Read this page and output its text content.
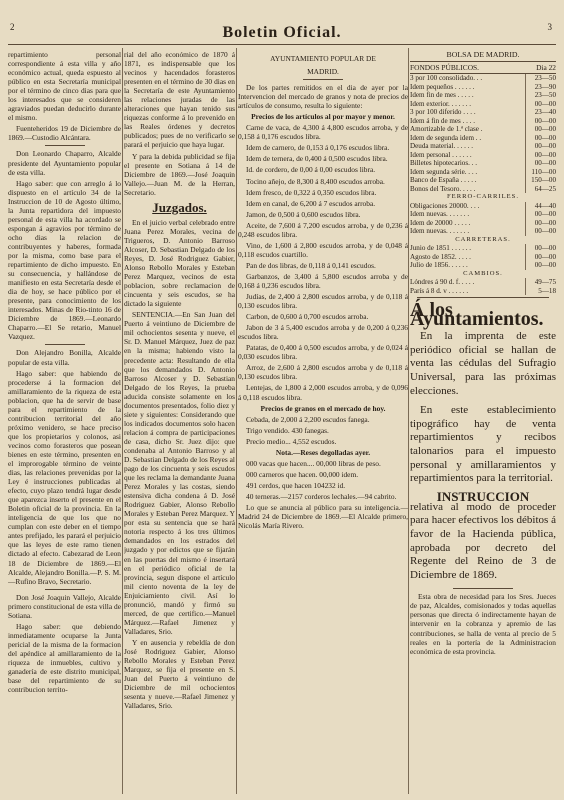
2	Boletin Oficial.	3

repartimiento personal correspondiente á esta villa y año económico actual, queda espuesto al público en esta Secretaría municipal por el término de cinco dias para que los interesados que se consideren agraviados puedan deducirlo durante el mismo.

Fuenteheridos 19 de Diciembre de 1869.—Custodio Alcántara.

Don Leonardo Chaparro, Alcalde presidente del Ayuntamiento popular de esta villa.

Hago saber: que con arreglo á lo dispuesto en el artículo 34 de la Instruccion de 10 de Agosto último, la Junta repartidora del impuesto personal de esta villa ha acordado se espongan á agravios por término de ocho dias la relacion de contribuyentes y haberes, formada por la misma, como base para el repartimiento de dicho impuesto. En su consecuencia, y hallándose de manifiesto en esta Secretaría desde el dia de hoy, se hace público por el presente, para conocimiento de los interesados. Minas de Rio-tinto 16 de Diciembre de 1869.—Leonardo Chaparro.—El Se retario, Manuel Vazquez.

Don Alejandro Bonilla, Alcalde popular de esta villa.

Hago saber: que habiendo de procederse á la formacion del amillaramiento de la riqueza de esta poblacion, que ha de servir de base para el repartimiento de la contribucion territorial del año próximo venidero, se hace preciso que los propietarios y colonos, asi vecinos como forasteros que posean bienes en este término, presenten en el improrogable término de veinte dias, las relaciones prevenidas por la Ley é instrucciones publicadas al efecto, cuyo plazo tendrá lugar desde que aparezca inserto el presente en el Boletin oficial de la provincia. En la inteligencia de que los que no cumplan con este deber en el tiempo antes prefijado, les parará el perjuicio que las leyes de este ramo tienen dictado al efecto. Cabezarad de Leon 18 de Diciembre de 1869.—El Alcalde, Alejandro Bonilla.—P. S. M.—Rufino Bravo, Secretario.

Don José Joaquin Vallejo, Alcalde primero constitucional de esta villa de Sotiana.

Hago saber: que debiendo inmediatamente ocuparse la Junta pericial de la misma de la formacion del apéndice al amillaramiento de la riqueza de inmuebles, cultivo y ganadería de este distrito municipal, base del repartimiento de su contribucion territo-

rial del año económico de 1870 á 1871, es indispensable que los vecinos y hacendados forasteros presenten en el término de 30 dias en la Secretaría de este Ayuntamiento las relaciones juradas de las alteraciones que hayan tenido sus riquezas conforme á lo prevenido en las Reales órdenes y decretos publicados; pues de no verificarlo se parará el perjuicio que haya lugar.

Y para la debida publicidad se fija el presente en Sotiana á 14 de Diciembre de 1869.—José Joaquin Vallejo.—Juan M. de la Herran, Secretario.

Juzgados.

En el juicio verbal celebrado entre Juana Perez Morales, vecina de Trigueros, D. Antonio Barroso Alcoser, D. Sebastian Delgado de los Reyes, D. José Rodriguez Gabier, Alonso Rebollo Morales y Esteban Perez Marquez, vecinos de esta poblacion, sobre reclamacion de cincuenta y seis escudos, se ha dictado la siguiente

SENTENCIA.—En San Juan del Puerto á veintiuno de Diciembre de mil ochocientos sesenta y nueve, el Sr. D. Manuel Márquez, Juez de paz en la misma; habiendo visto la precedente acta: Resultando de ella que los demandados D. Antonio Barroso Alcoser y D. Sebastian Delgado de los Reyes, la prueba aducida consiste solamente en los documentos presentados, folio diez y siete y siguientes: Considerando que los indicados documentos solo hacen relacion á compra de participaciones de casa, dicho Sr. Juez dijo: que condenaba al Antonio Barroso y al D. Sebastian Delgado de los Reyes al pago de los cincuenta y seis escudos que les reclama la demandante Juana Perez Morales y las costas, siendo estensiva dicha condena á D. José Rodriguez Gabier, Alonso Rebollo Morales y Esteban Perez Marquez. Y por esta su sentencia que se hará notoria respecto á los tres últimos demandados en los estrados del juzgado y por edictos que se fijarán en las puertas del mismo é insertará en el periódico oficial de la provincia, segun dispone el artículo mil ciento noventa de la ley de Enjuiciamiento civil. Así lo pronunció, mandó y firmó su merced, de que certifico.—Manuel Márquez.—Rafael Jimenez y Valladares, Srio.

Y en ausencia y rebeldía de don José Rodriguez Gabier, Alonso Rebollo Morales y Esteban Perez Marquez, se fija el presente en S. Juan del Puerto á veintiuno de Diciembre de mil ochocientos sesenta y nueve.—Rafael Jimenez y Valladares, Srio.

AYUNTAMIENTO POPULAR DE
MADRID.

De los partes remitidos en el dia de ayer por la Intervencion del mercado de granos y nota de precios de artículos de consumo, resulta lo siguiente:

Precios de los artículos al por mayor y menor.

Carne de vaca, de 4,300 á 4,800 escudos arroba, y de 0,158 á 0,176 escudos libra.

Idem de carnero, de 0,153 á 0,176 escudos libra.

Idem de ternera, de 0,400 á 0,500 escudos libra.

Id. de cordero, de 0,00 á 0,00 escudos libra.

Tocino añejo, de 8,300 á 8,400 escudos arroba.

Idem fresco, de 0,322 á 0,350 escudos libra.

Idem en canal, de 6,200 á 7 escudos arroba.

Jamon, de 0,500 á 0,600 escudos libra.

Aceite, de 7,600 á 7,200 escudos arroba, y de 0,236 á 0,248 escudos libra.

Vino, de 1,600 á 2,800 escudos arroba, y de 0,048 á 0,118 escudos cuartillo.

Pan de dos libras, de 0,118 á 0,141 escudos.

Garbanzos, de 3,400 á 5,800 escudos arroba y de 0,168 á 0,236 escudos libra.

Judías, de 2,400 á 2,800 escudos arroba, y de 0,118 á 0,130 escudos libra.

Carbon, de 0,600 á 0,700 escudos arroba.

Jabon de 3 á 5,400 escudos arroba y de 0,200 á 0,236 escudos libra.

Patatas, de 0,400 á 0,500 escudos arroba, y de 0,024 á 0,030 escudos libra.

Arroz, de 2,600 á 2,800 escudos arroba y de 0,118 á 0,130 escudos libra.

Lentejas, de 1,800 á 2,000 escudos arroba, y de 0,096 á 0,118 escudos libra.

Precios de granos en el mercado de hoy.

Cebada, de 2,000 á 2,200 escudos fanega.

Trigo vendido. 430 fanegas.

Precio medio... 4,552 escudos.

Nota.—Reses degolladas ayer.

000 vacas que hacen.... 00,000 libras de peso.

000 carneros que hacen. 00,000 idem.

491 cerdos, que hacen 104232 id.

40 terneras.—2157 corderos lechales.—94 cabrito.

Lo que se anuncia al público para su inteligencia.—Madrid 24 de Diciembre de 1869.—El Alcalde primero, Nicolás María Rivero.

BOLSA DE MADRID.
FONDOS PÚBLICOS.	Dia 22
3 por 100 consolidado. . .	23—50
Idem pequeños . . . . . .	23—90
Idem fin de mes . . . . .	23—50
Idem exterior. . . . . . .	00—00
3 por 100 diferido . . . .	23—40
Idem á fin de mes . . . .	00—00
Amortizable de 1.ª clase .	00—00
Idem de segunda idem . .	00—00
Deuda material. . . . . .	00—00
Idem personal . . . . . .	00—00
Billetes hipotecarios. . .	00—00
Idem segunda série. . . .	110—00
Banco de España . . . . .	150—00
Bonos del Tesoro. . . . .	64—25
FERRO-CARRILES.
Obligaciones 20000. . . .	44—40
Idem nuevas. . . . . . .	00—00
Idem de 20000 . . . . .	00—00
Idem nuevas. . . . . . .	00—00
CARRETERAS.
Junio de 1851 . . . . . .	00—00
Agosto de 1852. . . . .	00—00
Julio de 1856. . . . . .	00—00
CAMBIOS.
Lóndres á 90 d. f. . . . .	49—75
París á 8 d. v . . . . . .	5—18
Á los Ayuntamientos.

En la imprenta de este periódico oficial se hallan de venta las cédulas del Sufragio Universal, para las próximas elecciones.

En este establecimiento tipográfico hay de venta repartimientos y recibos talonarios para el impuesto personal y amillaramientos y repartimientos para la territorial.

INSTRUCCION

relativa al modo de proceder para hacer efectivos los débitos á favor de la Hacienda pública, aprobada por decreto del Regente del Reino de 3 de Diciembre de 1869.

Esta obra de necesidad para los Sres. Jueces de paz, Alcaldes, comisionados y todas aquellas personas que directa ó indirectamente hayan de intervenir en la cobranza y apremio de las contribuciones, se halla de venta al precio de 5 reales en la portería de la Administracion económica de esta provincia.
